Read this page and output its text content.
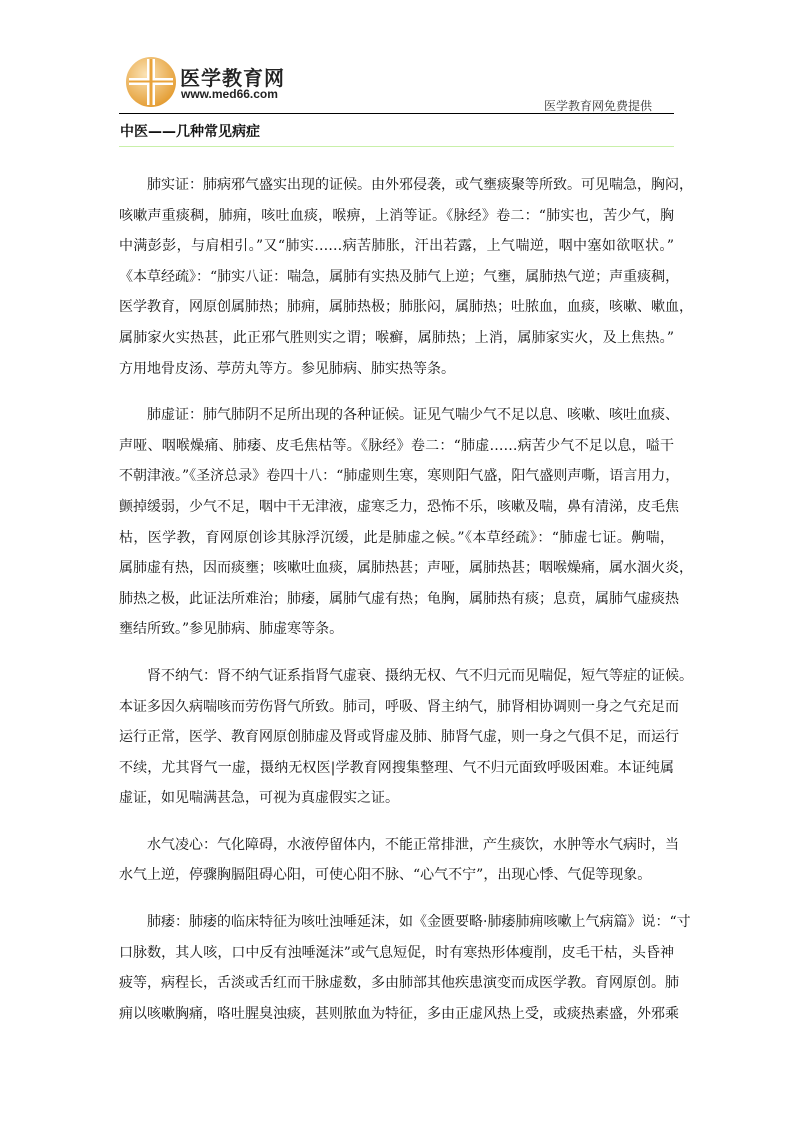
医学教育网
www.med66.com
医学教育网免费提供
中医——几种常见病症
肺实证：肺病邪气盛实出现的证候。由外邪侵袭，或气壅痰聚等所致。可见喘急，胸闷，
咳嗽声重痰稠，肺痈，咳吐血痰，喉痹，上消等证。《脉经》卷二：“肺实也，苦少气，胸
中满彭彭，与肩相引。”又“肺实……病苦肺胀，汗出若露，上气喘逆，咽中塞如欲呕状。”
《本草经疏》：“肺实八证：喘急，属肺有实热及肺气上逆；气壅，属肺热气逆；声重痰稠，
医学教育，网原创属肺热；肺痈，属肺热极；肺胀闷，属肺热；吐脓血，血痰，咳嗽、嗽血，
属肺家火实热甚，此正邪气胜则实之谓；喉癣，属肺热；上消，属肺家实火，及上焦热。”
方用地骨皮汤、葶苈丸等方。参见肺病、肺实热等条。
肺虚证：肺气肺阴不足所出现的各种证候。证见气喘少气不足以息、咳嗽、咳吐血痰、
声哑、咽喉燥痛、肺痿、皮毛焦枯等。《脉经》卷二：“肺虚……病苦少气不足以息，嗌干
不朝津液。”《圣济总录》卷四十八：“肺虚则生寒，寒则阳气盛，阳气盛则声嘶，语言用力，
颤掉缓弱，少气不足，咽中干无津液，虚寒乏力，恐怖不乐，咳嗽及喘，鼻有清涕，皮毛焦
枯，医学教，育网原创诊其脉浮沉缓，此是肺虚之候。”《本草经疏》：“肺虚七证。齁喘，
属肺虚有热，因而痰壅；咳嗽吐血痰，属肺热甚；声哑，属肺热甚；咽喉燥痛，属水涸火炎，
肺热之极，此证法所难治；肺痿，属肺气虚有热；龟胸，属肺热有痰；息贲，属肺气虚痰热
壅结所致。”参见肺病、肺虚寒等条。
肾不纳气：肾不纳气证系指肾气虚衰、摄纳无权、气不归元而见喘促，短气等症的证候。
本证多因久病喘咳而劳伤肾气所致。肺司，呼吸、肾主纳气，肺肾相协调则一身之气充足而
运行正常，医学、教育网原创肺虚及肾或肾虚及肺、肺肾气虚，则一身之气俱不足，而运行
不续，尤其肾气一虚，摄纳无权医|学教育网搜集整理、气不归元面致呼吸困难。本证纯属
虚证，如见喘满甚急，可视为真虚假实之证。
水气凌心：气化障碍，水液停留体内，不能正常排泄，产生痰饮，水肿等水气病时，当
水气上逆，停骤胸膈阻碍心阳，可使心阳不脉、“心气不宁”，出现心悸、气促等现象。
肺痿：肺痿的临床特征为咳吐浊唾延沫，如《金匮要略·肺痿肺痈咳嗽上气病篇》说：“寸
口脉数，其人咳，口中反有浊唾涎沫”或气息短促，时有寒热形体瘦削，皮毛干枯，头昏神
疲等，病程长，舌淡或舌红而干脉虚数，多由肺部其他疾患演变而成医学教。育网原创。肺
痈以咳嗽胸痛，咯吐腥臭浊痰，甚则脓血为特征，多由正虚风热上受，或痰热素盛，外邪乘
